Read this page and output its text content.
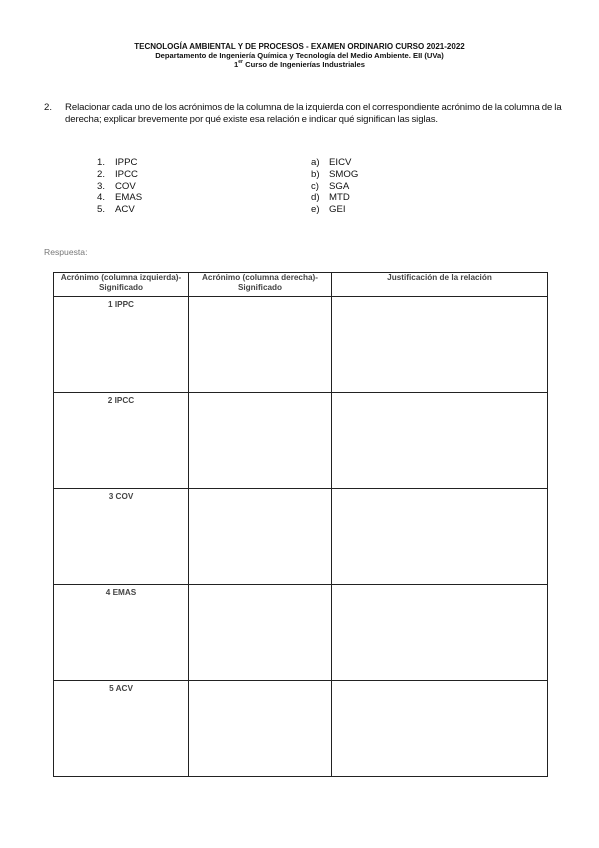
TECNOLOGÍA AMBIENTAL Y DE PROCESOS - EXAMEN ORDINARIO CURSO 2021-2022
Departamento de Ingeniería Química y Tecnología del Medio Ambiente. EII (UVa)
1er Curso de Ingenierías Industriales
2. Relacionar cada uno de los acrónimos de la columna de la izquierda con el correspondiente acrónimo de la columna de la derecha; explicar brevemente por qué existe esa relación e indicar qué significan las siglas.
1. IPPC
2. IPCC
3. COV
4. EMAS
5. ACV
a) EICV
b) SMOG
c) SGA
d) MTD
e) GEI
Respuesta:
Acrónimo (columna izquierda)- Significado	Acrónimo (columna derecha)-Significado	Justificación de la relación
1 IPPC		
2 IPCC		
3 COV		
4 EMAS		
5 ACV		
